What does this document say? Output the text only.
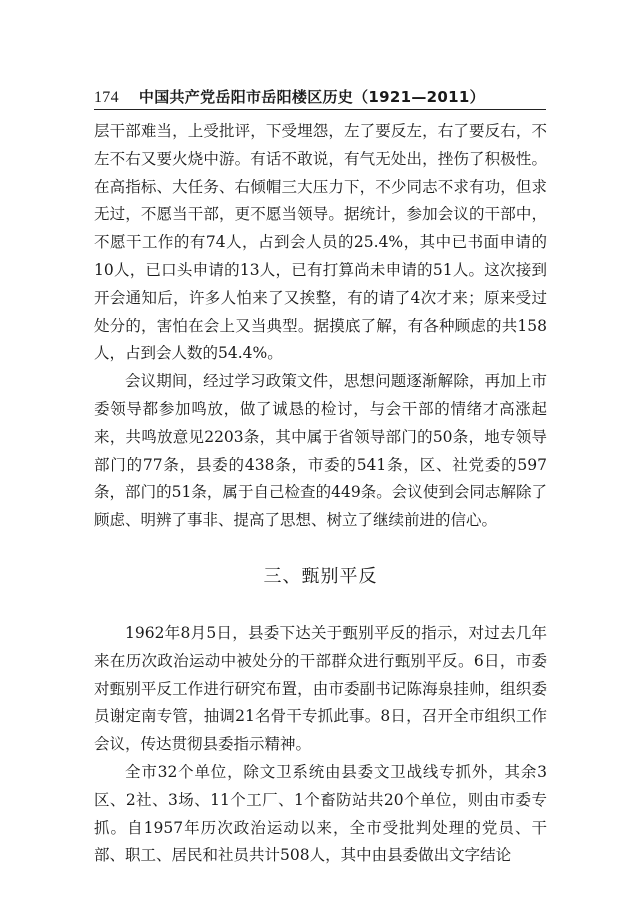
174 中国共产党岳阳市岳阳楼区历史（1921—2011）

层干部难当，上受批评，下受埋怨，左了要反左，右了要反右，不左不右又要火烧中游。有话不敢说，有气无处出，挫伤了积极性。在高指标、大任务、右倾帽三大压力下，不少同志不求有功，但求无过，不愿当干部，更不愿当领导。据统计，参加会议的干部中，不愿干工作的有74人，占到会人员的25.4%，其中已书面申请的10人，已口头申请的13人，已有打算尚未申请的51人。这次接到开会通知后，许多人怕来了又挨整，有的请了4次才来；原来受过处分的，害怕在会上又当典型。据摸底了解，有各种顾虑的共158人，占到会人数的54.4%。

会议期间，经过学习政策文件，思想问题逐渐解除，再加上市委领导都参加鸣放，做了诚恳的检讨，与会干部的情绪才高涨起来，共鸣放意见2203条，其中属于省领导部门的50条，地专领导部门的77条，县委的438条，市委的541条，区、社党委的597条，部门的51条，属于自己检查的449条。会议使到会同志解除了顾虑、明辨了事非、提高了思想、树立了继续前进的信心。

三、甄别平反

1962年8月5日，县委下达关于甄别平反的指示，对过去几年来在历次政治运动中被处分的干部群众进行甄别平反。6日，市委对甄别平反工作进行研究布置，由市委副书记陈海泉挂帅，组织委员谢定南专管，抽调21名骨干专抓此事。8日，召开全市组织工作会议，传达贯彻县委指示精神。

全市32个单位，除文卫系统由县委文卫战线专抓外，其余3区、2社、3场、11个工厂、1个畜防站共20个单位，则由市委专抓。自1957年历次政治运动以来，全市受批判处理的党员、干部、职工、居民和社员共计508人，其中由县委做出文字结论
